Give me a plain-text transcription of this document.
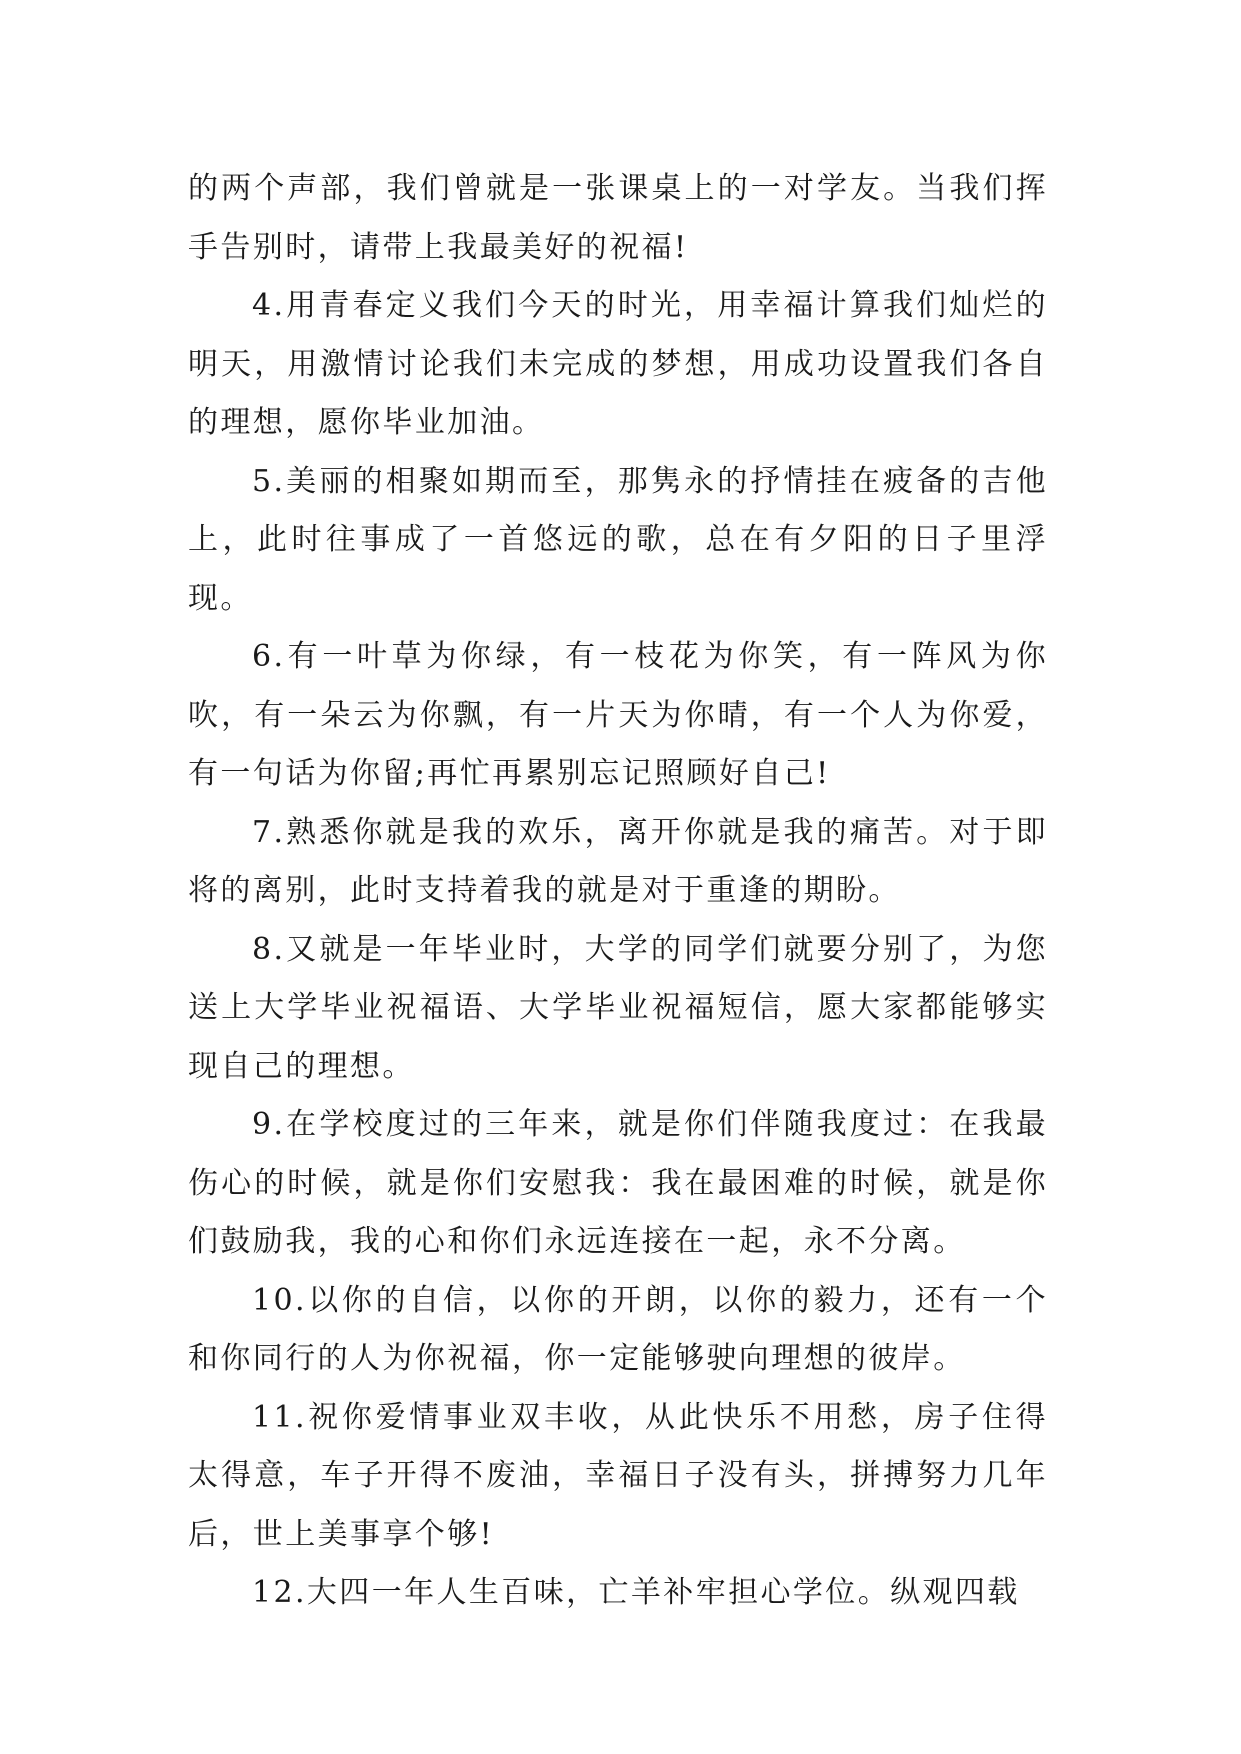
的两个声部，我们曾就是一张课桌上的一对学友。当我们挥手告别时，请带上我最美好的祝福!

4.用青春定义我们今天的时光，用幸福计算我们灿烂的明天，用激情讨论我们未完成的梦想，用成功设置我们各自的理想，愿你毕业加油。

5.美丽的相聚如期而至，那隽永的抒情挂在疲备的吉他上，此时往事成了一首悠远的歌，总在有夕阳的日子里浮现。

6.有一叶草为你绿，有一枝花为你笑，有一阵风为你吹，有一朵云为你飘，有一片天为你晴，有一个人为你爱，有一句话为你留;再忙再累别忘记照顾好自己!

7.熟悉你就是我的欢乐，离开你就是我的痛苦。对于即将的离别，此时支持着我的就是对于重逢的期盼。

8.又就是一年毕业时，大学的同学们就要分别了，为您送上大学毕业祝福语、大学毕业祝福短信，愿大家都能够实现自己的理想。

9.在学校度过的三年来，就是你们伴随我度过：在我最伤心的时候，就是你们安慰我：我在最困难的时候，就是你们鼓励我，我的心和你们永远连接在一起，永不分离。

10.以你的自信，以你的开朗，以你的毅力，还有一个和你同行的人为你祝福，你一定能够驶向理想的彼岸。

11.祝你爱情事业双丰收，从此快乐不用愁，房子住得太得意，车子开得不废油，幸福日子没有头，拼搏努力几年后，世上美事享个够!

12.大四一年人生百味，亡羊补牢担心学位。纵观四载
